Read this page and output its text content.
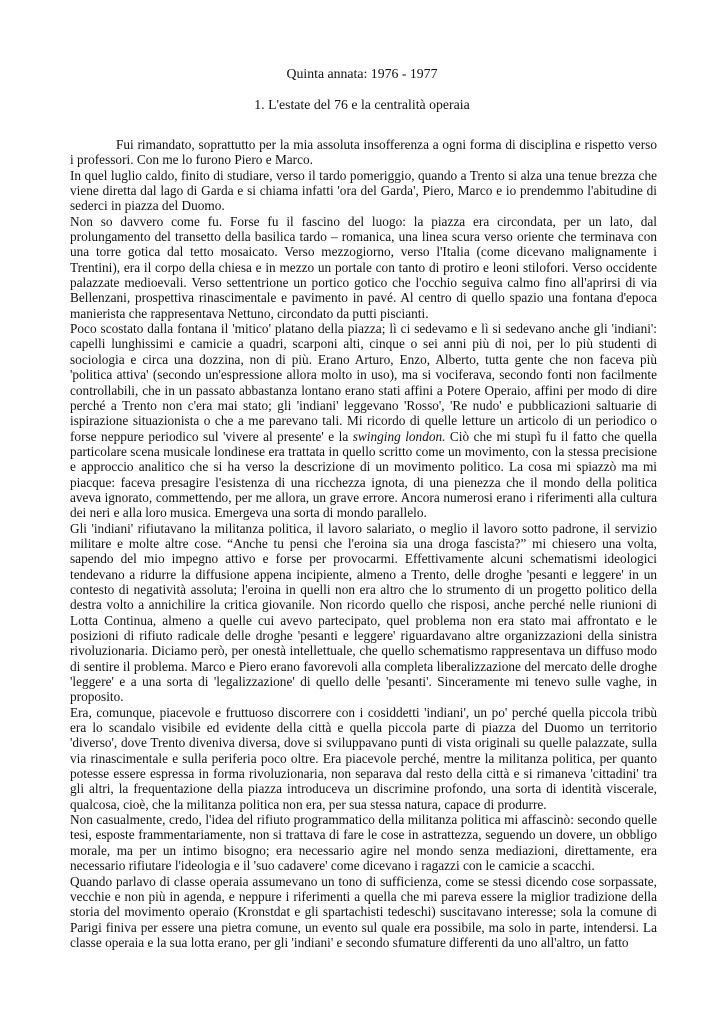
Quinta annata: 1976 - 1977
1. L'estate del 76 e la centralità operaia

Fui rimandato, soprattutto per la mia assoluta insofferenza a ogni forma di disciplina e rispetto verso i professori. Con me lo furono Piero e Marco.

In quel luglio caldo, finito di studiare, verso il tardo pomeriggio, quando a Trento si alza una tenue brezza che viene diretta dal lago di Garda e si chiama infatti 'ora del Garda', Piero, Marco e io prendemmo l'abitudine di sederci in piazza del Duomo.

Non so davvero come fu. Forse fu il fascino del luogo: la piazza era circondata, per un lato, dal prolungamento del transetto della basilica tardo – romanica, una linea scura verso oriente che terminava con una torre gotica dal tetto mosaicato. Verso mezzogiorno, verso l'Italia (come dicevano malignamente i Trentini), era il corpo della chiesa e in mezzo un portale con tanto di protiro e leoni stilofori. Verso occidente palazzate medioevali. Verso settentrione un portico gotico che l'occhio seguiva calmo fino all'aprirsi di via Bellenzani, prospettiva rinascimentale e pavimento in pavé. Al centro di quello spazio una fontana d'epoca manierista che rappresentava Nettuno, circondato da putti piscianti.

Poco scostato dalla fontana il 'mitico' platano della piazza; lì ci sedevamo e lì si sedevano anche gli 'indiani': capelli lunghissimi e camicie a quadri, scarponi alti, cinque o sei anni più di noi, per lo più studenti di sociologia e circa una dozzina, non di più. Erano Arturo, Enzo, Alberto, tutta gente che non faceva più 'politica attiva' (secondo un'espressione allora molto in uso), ma si vociferava, secondo fonti non facilmente controllabili, che in un passato abbastanza lontano erano stati affini a Potere Operaio, affini per modo di dire perché a Trento non c'era mai stato; gli 'indiani' leggevano 'Rosso', 'Re nudo' e pubblicazioni saltuarie di ispirazione situazionista o che a me parevano tali. Mi ricordo di quelle letture un articolo di un periodico o forse neppure periodico sul 'vivere al presente' e la swinging london. Ciò che mi stupì fu il fatto che quella particolare scena musicale londinese era trattata in quello scritto come un movimento, con la stessa precisione e approccio analitico che si ha verso la descrizione di un movimento politico. La cosa mi spiazzò ma mi piacque: faceva presagire l'esistenza di una ricchezza ignota, di una pienezza che il mondo della politica aveva ignorato, commettendo, per me allora, un grave errore. Ancora numerosi erano i riferimenti alla cultura dei neri e alla loro musica. Emergeva una sorta di mondo parallelo.

Gli 'indiani' rifiutavano la militanza politica, il lavoro salariato, o meglio il lavoro sotto padrone, il servizio militare e molte altre cose. “Anche tu pensi che l'eroina sia una droga fascista?” mi chiesero una volta, sapendo del mio impegno attivo e forse per provocarmi. Effettivamente alcuni schematismi ideologici tendevano a ridurre la diffusione appena incipiente, almeno a Trento, delle droghe 'pesanti e leggere' in un contesto di negatività assoluta; l'eroina in quelli non era altro che lo strumento di un progetto politico della destra volto a annichilire la critica giovanile. Non ricordo quello che risposi, anche perché nelle riunioni di Lotta Continua, almeno a quelle cui avevo partecipato, quel problema non era stato mai affrontato e le posizioni di rifiuto radicale delle droghe 'pesanti e leggere' riguardavano altre organizzazioni della sinistra rivoluzionaria. Diciamo però, per onestà intellettuale, che quello schematismo rappresentava un diffuso modo di sentire il problema. Marco e Piero erano favorevoli alla completa liberalizzazione del mercato delle droghe 'leggere' e a una sorta di 'legalizzazione' di quello delle 'pesanti'. Sinceramente mi tenevo sulle vaghe, in proposito.

Era, comunque, piacevole e fruttuoso discorrere con i cosiddetti 'indiani', un po' perché quella piccola tribù era lo scandalo visibile ed evidente della città e quella piccola parte di piazza del Duomo un territorio 'diverso', dove Trento diveniva diversa, dove si sviluppavano punti di vista originali su quelle palazzate, sulla via rinascimentale e sulla periferia poco oltre. Era piacevole perché, mentre la militanza politica, per quanto potesse essere espressa in forma rivoluzionaria, non separava dal resto della città e si rimaneva 'cittadini' tra gli altri, la frequentazione della piazza introduceva un discrimine profondo, una sorta di identità viscerale, qualcosa, cioè, che la militanza politica non era, per sua stessa natura, capace di produrre.

Non casualmente, credo, l'idea del rifiuto programmatico della militanza politica mi affascinò: secondo quelle tesi, esposte frammentariamente, non si trattava di fare le cose in astrattezza, seguendo un dovere, un obbligo morale, ma per un intimo bisogno; era necessario agire nel mondo senza mediazioni, direttamente, era necessario rifiutare l'ideologia e il 'suo cadavere' come dicevano i ragazzi con le camicie a scacchi.

Quando parlavo di classe operaia assumevano un tono di sufficienza, come se stessi dicendo cose sorpassate, vecchie e non più in agenda, e neppure i riferimenti a quella che mi pareva essere la miglior tradizione della storia del movimento operaio (Kronstdat e gli spartachisti tedeschi) suscitavano interesse; sola la comune di Parigi finiva per essere una pietra comune, un evento sul quale era possibile, ma solo in parte, intendersi. La classe operaia e la sua lotta erano, per gli 'indiani' e secondo sfumature differenti da uno all'altro, un fatto
